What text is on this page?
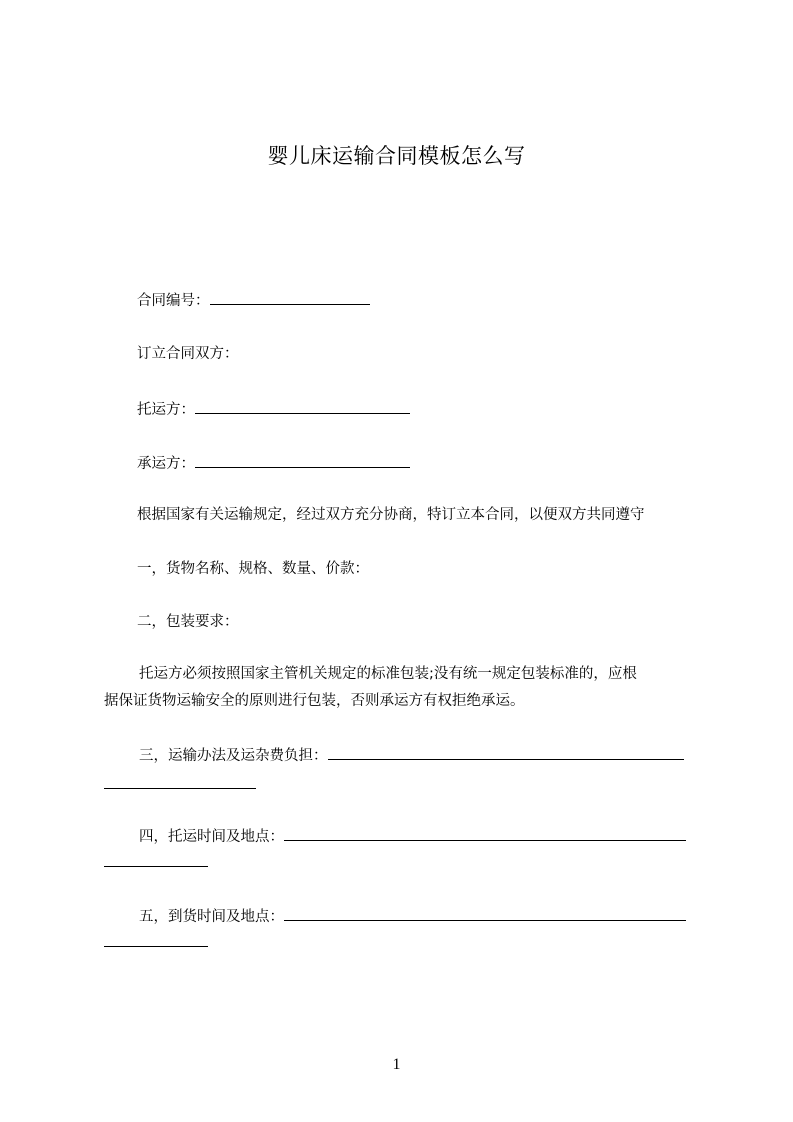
婴儿床运输合同模板怎么写
合同编号：
订立合同双方：
托运方：
承运方：
根据国家有关运输规定，经过双方充分协商，特订立本合同，以便双方共同遵守
一，货物名称、规格、数量、价款：
二，包装要求：
托运方必须按照国家主管机关规定的标准包装;没有统一规定包装标准的，应根
据保证货物运输安全的原则进行包装，否则承运方有权拒绝承运。
三，运输办法及运杂费负担：
四，托运时间及地点：
五，到货时间及地点：
1
